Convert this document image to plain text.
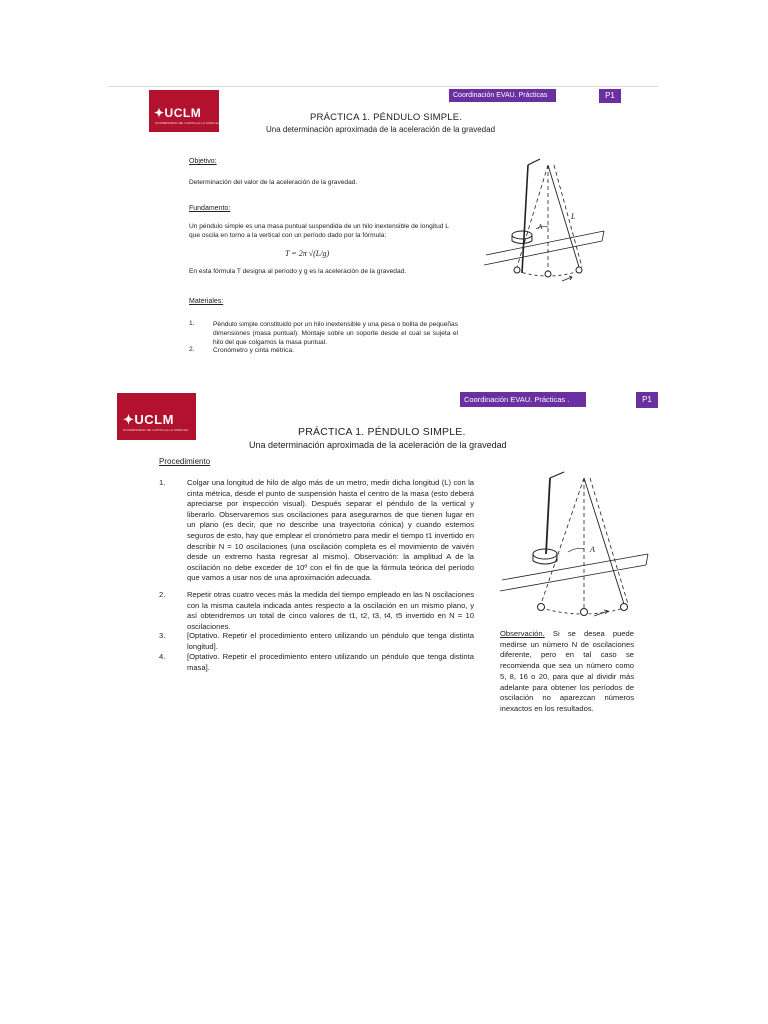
✦UCLM
UNIVERSIDAD DE CASTILLA-LA MANCHA
Coordinación EVAU. Prácticas	P1
PRÁCTICA 1. PÉNDULO SIMPLE.
Una determinación aproximada de la aceleración de la gravedad
Objetivo:
Determinación del valor de la aceleración de la gravedad.
Fundamento:
Un péndulo simple es una masa puntual suspendida de un hilo inextensible de longitud L que oscila en torno a la vertical con un período dado por la fórmula:
T = 2π √(L/g)
En esta fórmula T designa al período y g es la aceleración de la gravedad.
Materiales:
1.	Péndulo simple constituido por un hilo inextensible y una pesa o bolita de pequeñas dimensiones (masa puntual). Montaje sobre un soporte desde el cual se sujeta el hilo del que colgamos la masa puntual.
2.	Cronómetro y cinta métrica.
A
L
✦UCLM
UNIVERSIDAD DE CASTILLA-LA MANCHA
Coordinación EVAU. Prácticas .	P1
PRÁCTICA 1. PÉNDULO SIMPLE.
Una determinación aproximada de la aceleración de la gravedad
Procedimiento
1.	Colgar una longitud de hilo de algo más de un metro, medir dicha longitud (L) con la cinta métrica, desde el punto de suspensión hasta el centro de la masa (esto deberá apreciarse por inspección visual). Después separar el péndulo de la vertical y liberarlo. Observaremos sus oscilaciones para asegurarnos de que tienen lugar en un plano (es decir, que no describe una trayectoria cónica) y cuando estemos seguros de esto, hay que emplear el cronómetro para medir el tiempo t1 invertido en describir N = 10 oscilaciones (una oscilación completa es el movimiento de vaivén desde un extremo hasta regresar al mismo). Observación: la amplitud A de la oscilación no debe exceder de 10º con el fin de que la fórmula teórica del período que vamos a usar nos de una aproximación adecuada.
2.	Repetir otras cuatro veces más la medida del tiempo empleado en las N oscilaciones con la misma cautela indicada antes respecto a la oscilación en un mismo plano, y así obtendremos un total de cinco valores de t1, t2, t3, t4, t5 invertido en N = 10 oscilaciones.
3.	[Optativo. Repetir el procedimiento entero utilizando un péndulo que tenga distinta longitud].
4.	[Optativo. Repetir el procedimiento entero utilizando un péndulo que tenga distinta masa].
A
Observación. Si se desea puede medirse un número N de oscilaciones diferente, pero en tal caso se recomienda que sea un número como 5, 8, 16 o 20, para que al dividir más adelante para obtener los períodos de oscilación no aparezcan números inexactos en los resultados.
